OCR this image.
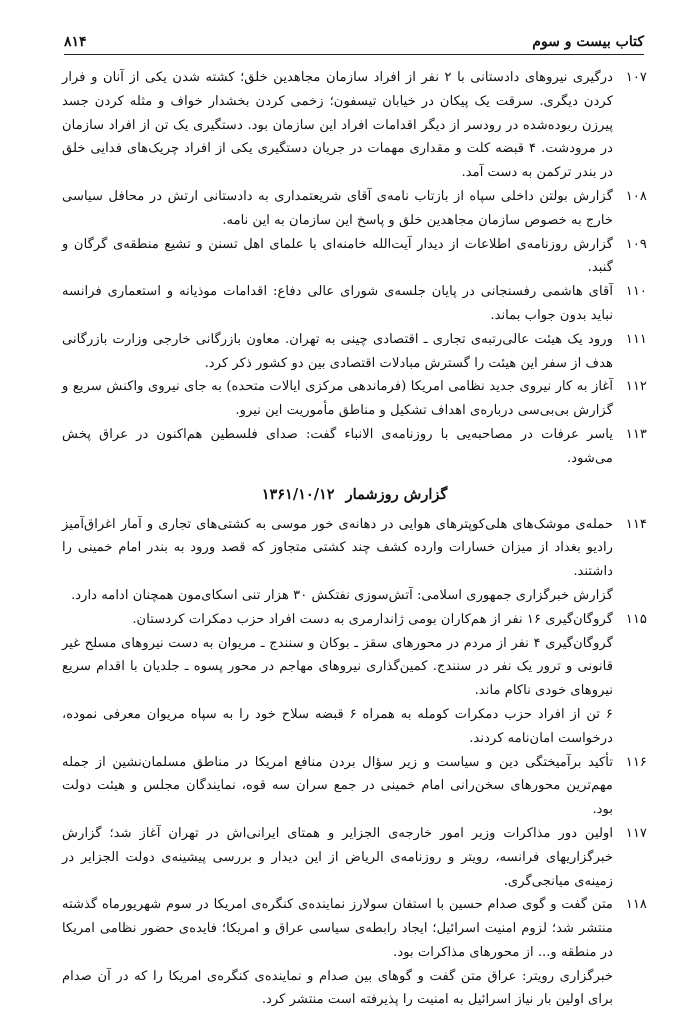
کتاب بیست و سوم
۸۱۴
۱۰۷

درگیری نیروهای دادستانی با ۲ نفر از افراد سازمان مجاهدین خلق؛ کشته شدن یکی از آنان و فرار کردن دیگری. سرقت یک پیکان در خیابان تیسفون؛ زخمی کردن بخشدار خواف و مثله کردن جسد پیرزن ربوده‌شده در رودسر از دیگر اقدامات افراد این سازمان بود. دستگیری یک تن از افراد سازمان در مرودشت. ۴ قبضه کلت و مقداری مهمات در جریان دستگیری یکی از افراد چریک‌های فدایی خلق در بندر ترکمن به دست آمد.

۱۰۸

گزارش بولتن داخلی سپاه از بازتاب نامه‌ی آقای شریعتمداری به دادستانی ارتش در محافل سیاسی خارج به خصوص سازمان مجاهدین خلق و پاسخ این سازمان به این نامه.

۱۰۹

گزارش روزنامه‌ی اطلاعات از دیدار آیت‌الله خامنه‌ای با علمای اهل تسنن و تشیع منطقه‌ی گرگان و گنبد.

۱۱۰

آقای هاشمی رفسنجانی در پایان جلسه‌ی شورای عالی دفاع: اقدامات موذیانه و استعماری فرانسه نباید بدون جواب بماند.

۱۱۱

ورود یک هیئت عالی‌رتبه‌ی تجاری ـ اقتصادی چینی به تهران. معاون بازرگانی خارجی وزارت بازرگانی هدف از سفر این هیئت را گسترش مبادلات اقتصادی بین دو کشور ذکر کرد.

۱۱۲

آغاز به کار نیروی جدید نظامی امریکا (فرماندهی مرکزی ایالات متحده) به جای نیروی واکنش سریع و گزارش بی‌بی‌سی درباره‌ی اهداف تشکیل و مناطق مأموریت این نیرو.

۱۱۳

یاسر عرفات در مصاحبه‌یی با روزنامه‌ی الانباء گفت: صدای فلسطین هم‌اکنون در عراق پخش می‌شود.

گزارش روزشمار ۱۳۶۱/۱۰/۱۲
۱۱۴

حمله‌ی موشک‌های هلی‌کوپترهای هوایی در دهانه‌ی خور موسی به کشتی‌های تجاری و آمار اغراق‌آمیز رادیو بغداد از میزان خسارات وارده کشف چند کشتی متجاوز که قصد ورود به بندر امام خمینی را داشتند.

گزارش خبرگزاری جمهوری اسلامی: آتش‌سوزی نفتکش ۳۰ هزار تنی اسکای‌مون همچنان ادامه دارد.

۱۱۵

گروگان‌گیری ۱۶ نفر از هم‌کاران بومی ژاندارمری به دست افراد حزب دمکرات کردستان.

گروگان‌گیری ۴ نفر از مردم در محورهای سقز ـ بوکان و سنندج ـ مریوان به دست نیروهای مسلح غیر قانونی و ترور یک نفر در سنندج. کمین‌گذاری نیروهای مهاجم در محور پسوه ـ جلدیان با اقدام سریع نیروهای خودی ناکام ماند.

۶ تن از افراد حزب دمکرات کومله به همراه ۶ قبضه سلاح خود را به سپاه مریوان معرفی نموده، درخواست امان‌نامه کردند.

۱۱۶

تأکید برآمیختگی دین و سیاست و زیر سؤال بردن منافع امریکا در مناطق مسلمان‌نشین از جمله مهم‌ترین محورهای سخن‌رانی امام خمینی در جمع سران سه قوه، نمایندگان مجلس و هیئت دولت بود.

۱۱۷

اولین دور مذاکرات وزیر امور خارجه‌ی الجزایر و همتای ایرانی‌اش در تهران آغاز شد؛ گزارش خبرگزاریهای فرانسه، رویتر و روزنامه‌ی الریاض از این دیدار و بررسی پیشینه‌ی دولت الجزایر در زمینه‌ی میانجی‌گری.

۱۱۸

متن گفت و گوی صدام حسین با استفان سولارز نماینده‌ی کنگره‌ی امریکا در سوم شهریورماه گذشته منتشر شد؛ لزوم امنیت اسرائیل؛ ایجاد رابطه‌ی سیاسی عراق و امریکا؛ فایده‌ی حضور نظامی امریکا در منطقه و... از محورهای مذاکرات بود.

خبرگزاری رویتر: عراق متن گفت و گوهای بین صدام و نماینده‌ی کنگره‌ی امریکا را که در آن صدام برای اولین بار نیاز اسرائیل به امنیت را پذیرفته است منتشر کرد.
